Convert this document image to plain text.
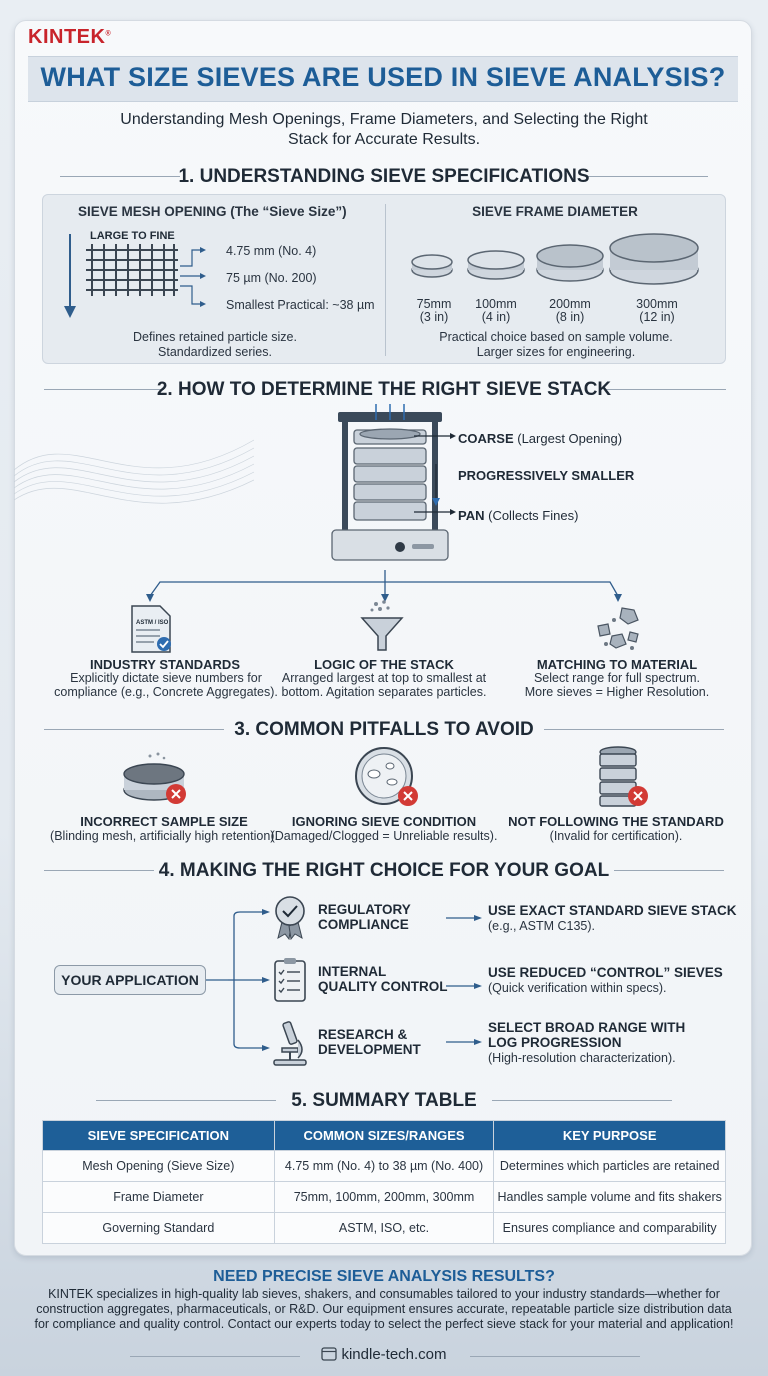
KINTEK®
WHAT SIZE SIEVES ARE USED IN SIEVE ANALYSIS?
Understanding Mesh Openings, Frame Diameters, and Selecting the Right Stack for Accurate Results.
1. UNDERSTANDING SIEVE SPECIFICATIONS
SIEVE MESH OPENING (The “Sieve Size”)
LARGE TO FINE
4.75 mm (No. 4)
75 µm (No. 200)
Smallest Practical: ~38 µm
Defines retained particle size.
Standardized series.
SIEVE FRAME DIAMETER
75mm
(3 in)
100mm
(4 in)
200mm
(8 in)
300mm
(12 in)
Practical choice based on sample volume.
Larger sizes for engineering.
2. HOW TO DETERMINE THE RIGHT SIEVE STACK
COARSE (Largest Opening)
PROGRESSIVELY SMALLER
PAN (Collects Fines)
ASTM / ISO
INDUSTRY STANDARDS
Explicitly dictate sieve numbers for
compliance (e.g., Concrete Aggregates).
LOGIC OF THE STACK
Arranged largest at top to smallest at
bottom. Agitation separates particles.
MATCHING TO MATERIAL
Select range for full spectrum.
More sieves = Higher Resolution.
3. COMMON PITFALLS TO AVOID
INCORRECT SAMPLE SIZE
(Blinding mesh, artificially high retention).
IGNORING SIEVE CONDITION
(Damaged/Clogged = Unreliable results).
NOT FOLLOWING THE STANDARD
(Invalid for certification).
4. MAKING THE RIGHT CHOICE FOR YOUR GOAL
YOUR APPLICATION
REGULATORY
COMPLIANCE
INTERNAL
QUALITY CONTROL
RESEARCH &
DEVELOPMENT
USE EXACT STANDARD SIEVE STACK
(e.g., ASTM C135).
USE REDUCED “CONTROL” SIEVES
(Quick verification within specs).
SELECT BROAD RANGE WITH
LOG PROGRESSION
(High-resolution characterization).
5. SUMMARY TABLE
SIEVE SPECIFICATION	COMMON SIZES/RANGES	KEY PURPOSE
Mesh Opening (Sieve Size)	4.75 mm (No. 4) to 38 µm (No. 400)	Determines which particles are retained
Frame Diameter	75mm, 100mm, 200mm, 300mm	Handles sample volume and fits shakers
Governing Standard	ASTM, ISO, etc.	Ensures compliance and comparability
NEED PRECISE SIEVE ANALYSIS RESULTS?
KINTEK specializes in high-quality lab sieves, shakers, and consumables tailored to your industry standards—whether for construction aggregates, pharmaceuticals, or R&D. Our equipment ensures accurate, repeatable particle size distribution data for compliance and quality control. Contact our experts today to select the perfect sieve stack for your material and application!
kindle-tech.com
